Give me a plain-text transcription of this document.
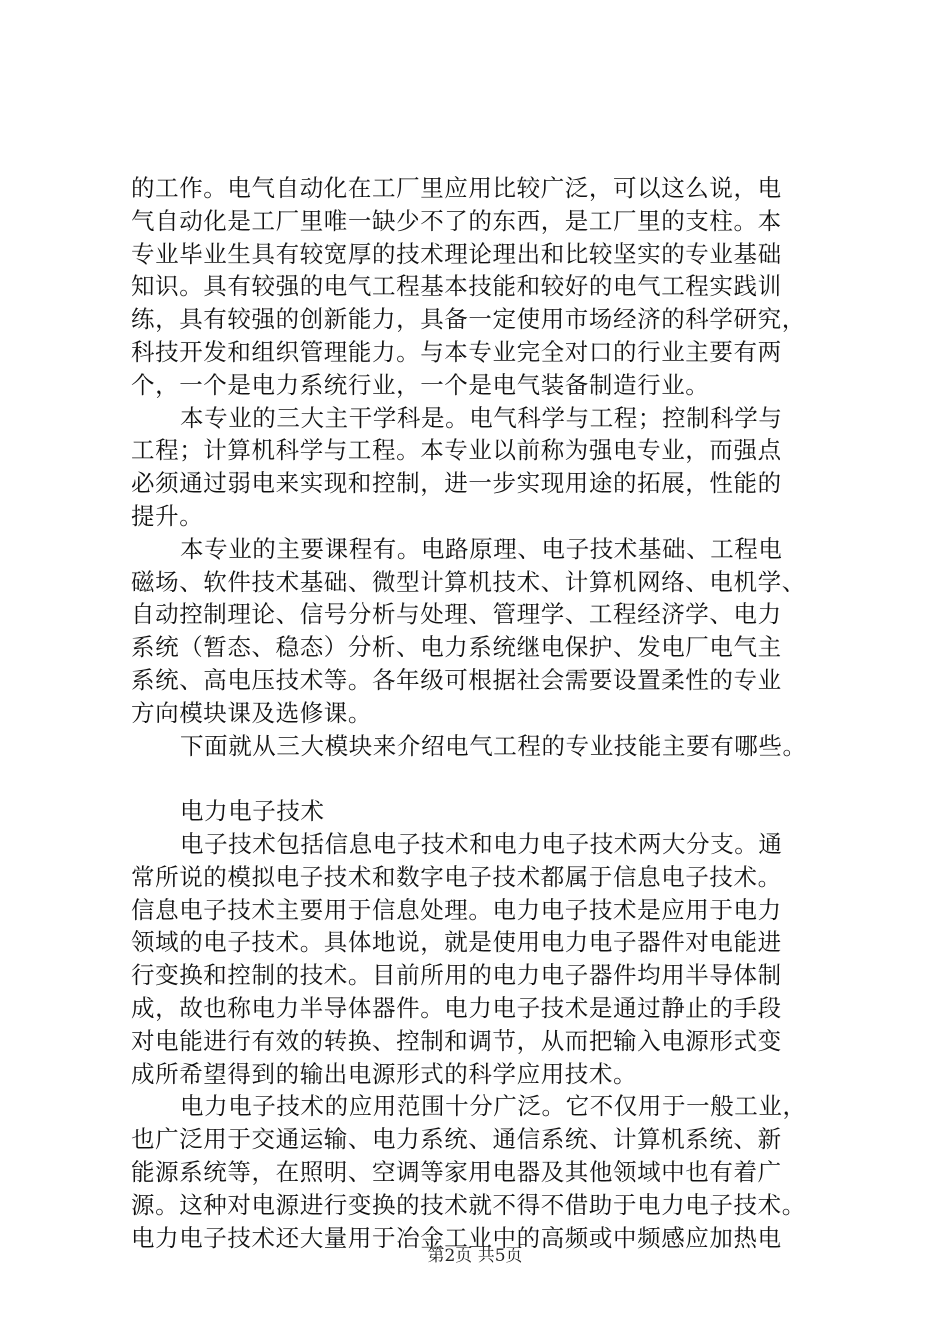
的工作。电气自动化在工厂里应用比较广泛，可以这么说，电
气自动化是工厂里唯一缺少不了的东西，是工厂里的支柱。本
专业毕业生具有较宽厚的技术理论理出和比较坚实的专业基础
知识。具有较强的电气工程基本技能和较好的电气工程实践训
练，具有较强的创新能力，具备一定使用市场经济的科学研究，
科技开发和组织管理能力。与本专业完全对口的行业主要有两
个，一个是电力系统行业，一个是电气装备制造行业。
本专业的三大主干学科是。电气科学与工程；控制科学与
工程；计算机科学与工程。本专业以前称为强电专业，而强点
必须通过弱电来实现和控制，进一步实现用途的拓展，性能的
提升。
本专业的主要课程有。电路原理、电子技术基础、工程电
磁场、软件技术基础、微型计算机技术、计算机网络、电机学、
自动控制理论、信号分析与处理、管理学、工程经济学、电力
系统（暂态、稳态）分析、电力系统继电保护、发电厂电气主
系统、高电压技术等。各年级可根据社会需要设置柔性的专业
方向模块课及选修课。
下面就从三大模块来介绍电气工程的专业技能主要有哪些。
电力电子技术
电子技术包括信息电子技术和电力电子技术两大分支。通
常所说的模拟电子技术和数字电子技术都属于信息电子技术。
信息电子技术主要用于信息处理。电力电子技术是应用于电力
领域的电子技术。具体地说，就是使用电力电子器件对电能进
行变换和控制的技术。目前所用的电力电子器件均用半导体制
成，故也称电力半导体器件。电力电子技术是通过静止的手段
对电能进行有效的转换、控制和调节，从而把输入电源形式变
成所希望得到的输出电源形式的科学应用技术。
电力电子技术的应用范围十分广泛。它不仅用于一般工业，
也广泛用于交通运输、电力系统、通信系统、计算机系统、新
能源系统等，在照明、空调等家用电器及其他领域中也有着广
源。这种对电源进行变换的技术就不得不借助于电力电子技术。
电力电子技术还大量用于冶金工业中的高频或中频感应加热电
第2页 共5页
